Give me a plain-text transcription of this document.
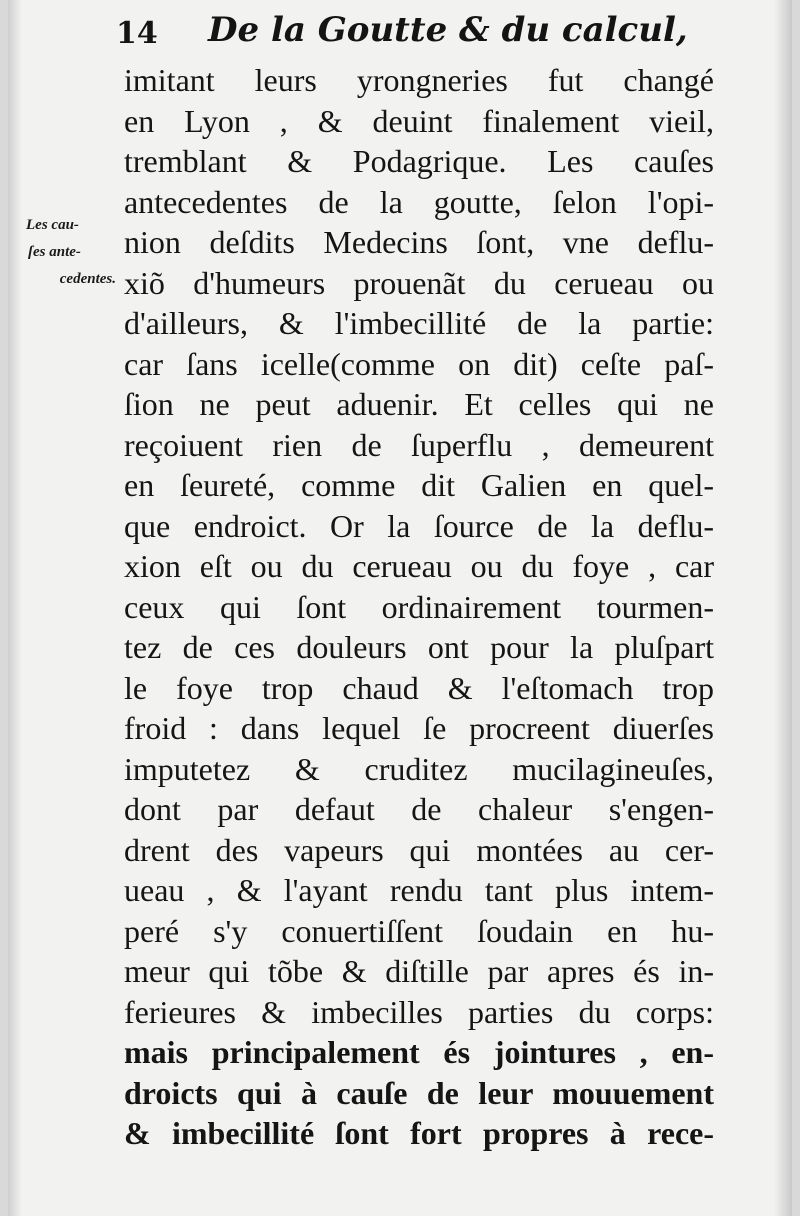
14 De la Goutte & du calcul,
Les cau-
ſes ante-
cedentes.
imitant leurs yrongneries fut changé
en Lyon , & deuint finalement vieil,
tremblant & Podagrique. Les cauſes
antecedentes de la goutte, ſelon l'opi-
nion deſdits Medecins ſont, vne deflu-
xiõ d'humeurs prouenãt du cerueau ou
d'ailleurs, & l'imbecillité de la partie:
car ſans icelle(comme on dit) ceſte paſ-
ſion ne peut aduenir. Et celles qui ne
reçoiuent rien de ſuperflu , demeurent
en ſeureté, comme dit Galien en quel-
que endroict. Or la ſource de la deflu-
xion eſt ou du cerueau ou du foye , car
ceux qui ſont ordinairement tourmen-
tez de ces douleurs ont pour la pluſpart
le foye trop chaud & l'eſtomach trop
froid : dans lequel ſe procreent diuerſes
imputetez & cruditez mucilagineuſes,
dont par defaut de chaleur s'engen-
drent des vapeurs qui montées au cer-
ueau , & l'ayant rendu tant plus intem-
peré s'y conuertiſſent ſoudain en hu-
meur qui tõbe & diſtille par apres és in-
ferieures & imbecilles parties du corps:
mais principalement és jointures , en-
droicts qui à cauſe de leur mouuement
& imbecillité ſont fort propres à rece-
